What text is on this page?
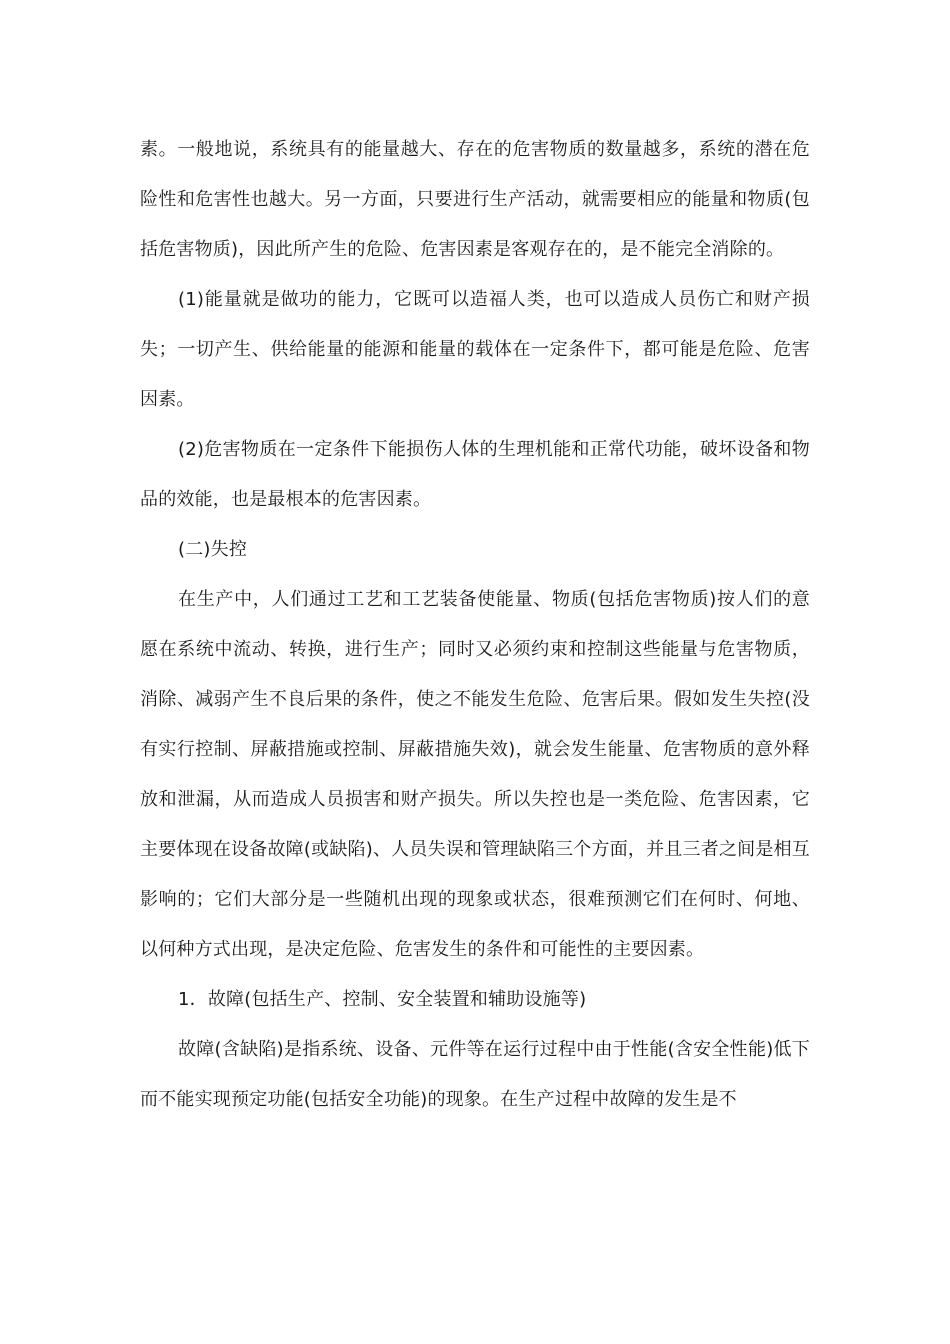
素。一般地说，系统具有的能量越大、存在的危害物质的数量越多，系统的潜在危险性和危害性也越大。另一方面，只要进行生产活动，就需要相应的能量和物质(包括危害物质)，因此所产生的危险、危害因素是客观存在的，是不能完全消除的。

(1)能量就是做功的能力，它既可以造福人类，也可以造成人员伤亡和财产损失；一切产生、供给能量的能源和能量的载体在一定条件下，都可能是危险、危害因素。

(2)危害物质在一定条件下能损伤人体的生理机能和正常代功能，破坏设备和物品的效能，也是最根本的危害因素。

(二)失控

在生产中，人们通过工艺和工艺装备使能量、物质(包括危害物质)按人们的意愿在系统中流动、转换，进行生产；同时又必须约束和控制这些能量与危害物质，消除、减弱产生不良后果的条件，使之不能发生危险、危害后果。假如发生失控(没有实行控制、屏蔽措施或控制、屏蔽措施失效)，就会发生能量、危害物质的意外释放和泄漏，从而造成人员损害和财产损失。所以失控也是一类危险、危害因素，它主要体现在设备故障(或缺陷)、人员失误和管理缺陷三个方面，并且三者之间是相互影响的；它们大部分是一些随机出现的现象或状态，很难预测它们在何时、何地、以何种方式出现，是决定危险、危害发生的条件和可能性的主要因素。

1．故障(包括生产、控制、安全装置和辅助设施等)

故障(含缺陷)是指系统、设备、元件等在运行过程中由于性能(含安全性能)低下而不能实现预定功能(包括安全功能)的现象。在生产过程中故障的发生是不
